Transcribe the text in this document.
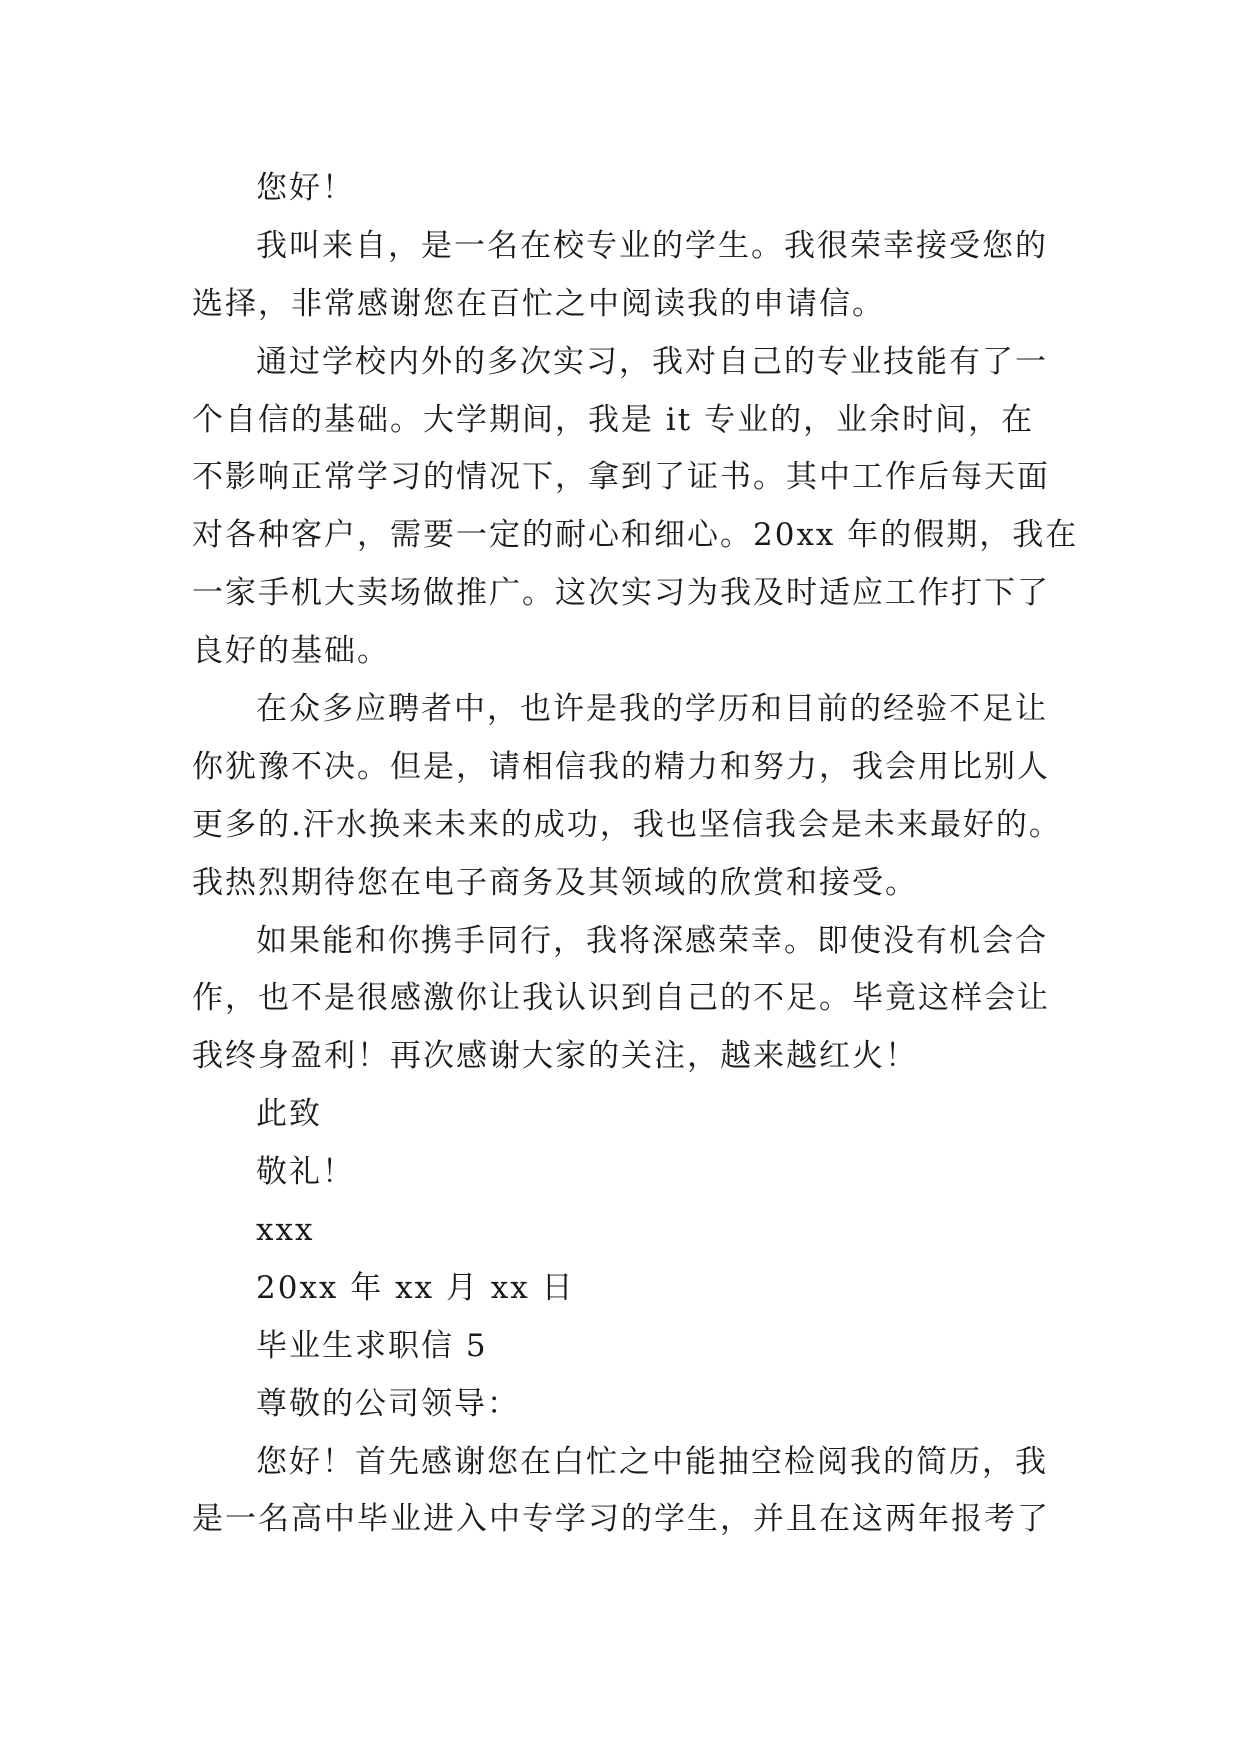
您好！
我叫来自，是一名在校专业的学生。我很荣幸接受您的
选择，非常感谢您在百忙之中阅读我的申请信。
通过学校内外的多次实习，我对自己的专业技能有了一
个自信的基础。大学期间，我是 it 专业的，业余时间，在
不影响正常学习的情况下，拿到了证书。其中工作后每天面
对各种客户，需要一定的耐心和细心。20xx 年的假期，我在
一家手机大卖场做推广。这次实习为我及时适应工作打下了
良好的基础。
在众多应聘者中，也许是我的学历和目前的经验不足让
你犹豫不决。但是，请相信我的精力和努力，我会用比别人
更多的.汗水换来未来的成功，我也坚信我会是未来最好的。
我热烈期待您在电子商务及其领域的欣赏和接受。
如果能和你携手同行，我将深感荣幸。即使没有机会合
作，也不是很感激你让我认识到自己的不足。毕竟这样会让
我终身盈利！再次感谢大家的关注，越来越红火！
此致
敬礼！
xxx
20xx 年 xx 月 xx 日
毕业生求职信 5
尊敬的公司领导：
您好！首先感谢您在白忙之中能抽空检阅我的简历，我
是一名高中毕业进入中专学习的学生，并且在这两年报考了
